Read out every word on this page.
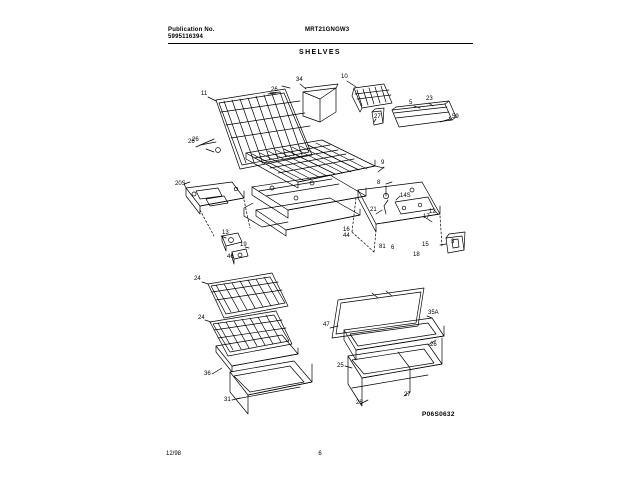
Publication No.
5995116394
MRT21GNGW3
SHELVES
34	10
11
26
5
23
59
27
26
26
9
8
14S
20S
21	12
17
16
44
81 6	15	3
18
13
19
46
24
24
47
35A
26
36
31
25
28
27
P06S0632
12/98	6
